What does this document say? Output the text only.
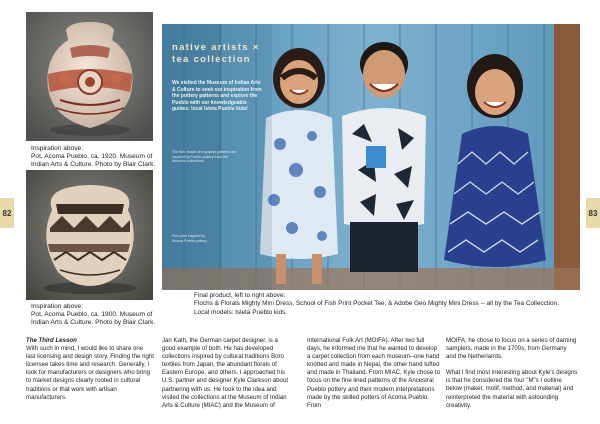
Inspiration above:
Pot, Acoma Pueblo, ca. 1920. Museum of Indian Arts & Culture. Photo by Blair Clark.
Inspiration above:
Pot, Acoma Pueblo, ca. 1900. Museum of Indian Arts & Culture. Photo by Blair Clark.
82
native artists × tea collection
We visited the Museum of Indian Arts & Culture to seek out inspiration from the pottery patterns and explore the Pueblo with our knowledgeable guides: local Isleta Pueblo kids!
The fish, flower and graphic patterns are inspired by Pueblo pottery from the Museum collections.
Fish print inspired by Acoma Pueblo pottery
Final product, left to right above:
Flochs & Florals Mighty Mini Dress, School of Fish Print Pocket Tee, & Adobe Geo Mighty Mini Dress -- all by the Tea Collecction.
Local models: Isleta Pueblo kids.
83

The Third Lesson

With such in mind, I would like to share one last licensing and design story. Finding the right licensee takes time and research. Generally, I look for manufacturers or designers who bring to market designs clearly rooted in cultural traditions or that work with artisan manufacturers.

Jan Kath, the German carpet designer, is a good example of both. He has developed collections inspired by cultural traditions Boro textiles from Japan, the abundant florals of Eastern Europe, and others. I approached his U.S. partner and designer Kyle Clarkson about partnering with us. He took to the idea and visited the collections at the Museum of Indian Arts & Culture (MIAC) and the Museum of

International Folk Art (MOIFA). After two full days, he informed me that he wanted to develop a carpet collection from each museum--one hand knotted and made in Nepal, the other hand tufted and made in Thailand. From MIAC, Kyle chose to focus on the fine lined patterns of the Ancestral Pueblo pottery and their modern interpretations made by the skilled potters of Acoma Pueblo. From

MOIFA, he chose to focus on a series of darning samplers, made in the 1700s, from Germany and the Netherlands.

What I find most interesting about Kyle's designs is that he considered the four "M"s I outline below (maker, motif, method, and material) and reinterpreted the material with astounding creativity.
